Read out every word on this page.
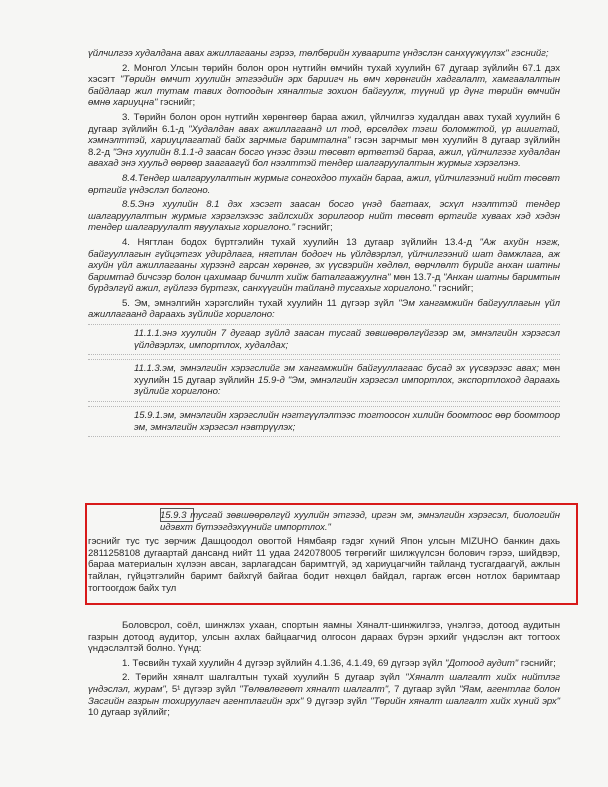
үйлчилгээ худалдана авах ажиллагааны гэрээ, төлбөрийн хувааритг үндэслэн санхүүжүүлэх" гэснийг;

2. Монгол Улсын төрийн болон орон нутгийн өмчийн тухай хуулийн 67 дугаар зүйлийн 67.1 дэх хэсэгт "Төрийн өмчит хуулийн этгээдийн эрх бариигч нь өмч хөрөнгийн хадгалалт, хамгаалалтын байдлаар жил тутам тавих дотоодын хяналтыг зохион байгуулж, түүний үр дүнг төрийн өмчийн өмнө хариуцна" гэснийг;

3. Төрийн болон орон нутгийн хөрөнгөөр бараа ажил, үйлчилгээ худалдан авах тухай хуулийн 6 дугаар зүйлийн 6.1-д "Худалдан авах ажиллагаанд ил тод, өрсөлдөх тэгш боломжтой, үр ашигтай, хэмнэлттэй, хариуцлагатай байх зарчмыг баримтална" гэсэн зарчмыг мөн хуулийн 8 дугаар зүйлийн 8.2-д "Энэ хуулийн 8.1.1-д заасан босго үнээс дээш төсөвт өртөгтэй бараа, ажил, үйлчилгээг худалдан авахад энэ хуульд өөрөөр заагаагүй бол нээлттэй тендер шалгаруулалтын журмыг хэрэглэнэ.

8.4.Тендер шалгаруулалтын журмыг сонгохдоо тухайн бараа, ажил, үйлчилгээний нийт төсөвт өртгийг үндэслэл болгоно.

8.5.Энэ хуулийн 8.1 дэх хэсэгт заасан босго үнэд багтаах, эсхүл нээлттэй тендер шалгаруулалтын журмыг хэрэглэхээс зайлсхийх зорилгоор нийт төсөвт өртгийг хуваах хэд хэдэн тендер шалгаруулалт явуулахыг хориглоно." гэснийг;

4. Нягтлан бодох бүртгэлийн тухай хуулийн 13 дугаар зүйлийн 13.4-д "Аж ахуйн нэгж, байгууллагын гүйцэтгэх удирдлага, нягтлан бодогч нь үйлдвэрлэл, үйлчилгээний шат дамжлага, аж ахуйн үйл ажиллагааны хүрээнд гарсан хөрөнгө, эх үүсвэрийн хөдлөл, өөрчлөлт бүрийг анхан шатны баримтад бичсээр болон цахимаар бичилт хийж баталгаажуулна" мөн 13.7-д "Анхан шатны баримтын бүрдэлгүй ажил, гүйлгээ бүртгэх, санхүүгийн тайланд тусгахыг хориглоно." гэснийг;

5. Эм, эмнэлгийн хэрэгслийн тухай хуулийн 11 дүгээр зүйл "Эм хангамжийн байгууллагын үйл ажиллагаанд дараахь зүйлийг хориглоно:

11.1.1.энэ хуулийн 7 дугаар зүйлд заасан тусгай зөвшөөрөлгүйгээр эм, эмнэлгийн хэрэгсэл үйлдвэрлэх, импортлох, худалдах;

11.1.3.эм, эмнэлгийн хэрэгслийг эм хангамжийн байгууллагаас бусад эх үүсвэрээс авах; мөн хуулийн 15 дугаар зүйлийн 15.9-д "Эм, эмнэлгийн хэрэгсэл импортлох, экспортлоход дараахь зүйлийг хориглоно:

15.9.1.эм, эмнэлгийн хэрэгслийн нэгтгүүлэлтээс тогтоосон хилийн боомтоос өөр боомтоор эм, эмнэлгийн хэрэгсэл нэвтрүүлэх;

15.9.3 тусгай зөвшөөрөлгүй хуулийн этгээд, иргэн эм, эмнэлгийн хэрэгсэл, биологийн идэвхт бүтээгдэхүүнийг импортлох."

гэснийг тус тус зөрчиж Дашцоодол овогтой Нямбаяр гэдэг хүний Япон улсын MIZUHO банкин дахь 2811258108 дугаартай дансанд нийт 11 удаа 242078005 төгрөгийг шилжүүлсэн болович гэрээ, шийдвэр, бараа материалын хүлээн авсан, зарлагадсан баримтгүй, эд хариуцагчийн тайланд тусгагдаагүй, ажлын тайлан, гүйцэтгэлийн баримт байхгүй байгаа бодит нөхцөл байдал, гаргаж өгсөн нотлох баримтаар тогтоогдож байх тул

Боловсрол, соёл, шинжлэх ухаан, спортын яамны Хяналт-шинжилгээ, үнэлгээ, дотоод аудитын газрын дотоод аудитор, улсын ахлах байцаагчид олгосон дараах бүрэн эрхийг үндэслэн акт тогтоох үндэслэлтэй болно. Үүнд:

1. Төсвийн тухай хуулийн 4 дүгээр зүйлийн 4.1.36, 4.1.49, 69 дүгээр зүйл "Дотоод аудит" гэснийг;

2. Төрийн хяналт шалгалтын тухай хуулийн 5 дугаар зүйл "Хяналт шалгалт хийх нийтлэг үндэслэл, журам", 5¹ дүгээр зүйл "Төлөвлөгөөт хяналт шалгалт", 7 дугаар зүйл "Яам, агентлаг болон Засгийн газрын тохируулагч агентлагийн эрх" 9 дүгээр зүйл "Төрийн хяналт шалгалт хийх хүний эрх" 10 дугаар зүйлийг;
